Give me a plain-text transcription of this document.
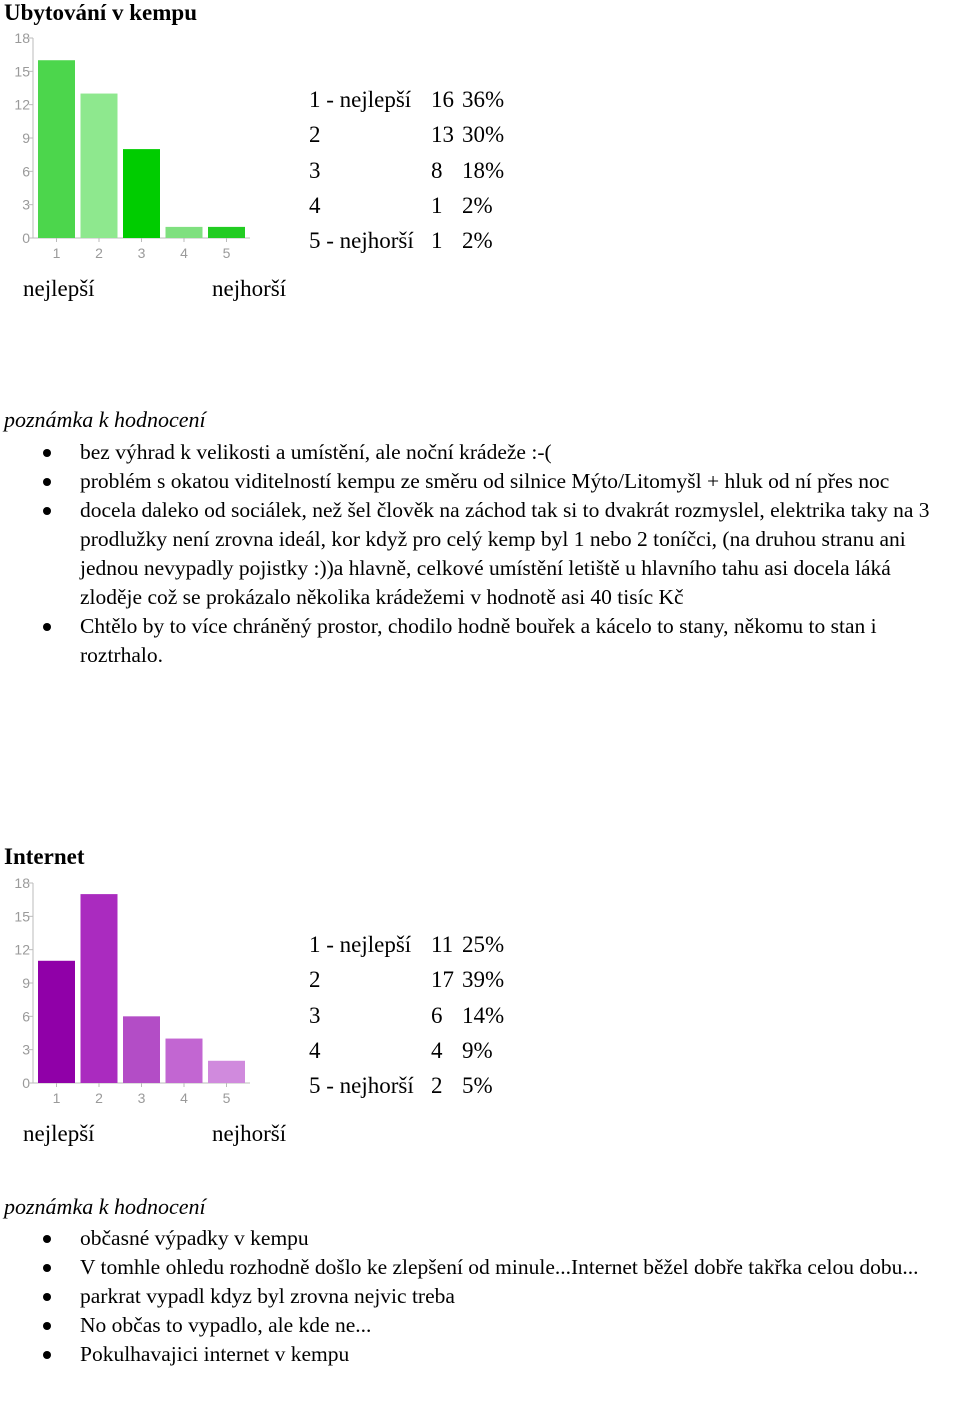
Ubytování v kempu
0
3
6
9
12
15
18
1 2 3 4 5
1 - nejlepší 16 36%
2	13 30%
3	8 18%
4	1 2%
5 - nejhorší 1 2%
nejlepší	nejhorší
poznámka k hodnocení
bez výhrad k velikosti a umístění, ale noční krádeže :-(
problém s okatou viditelností kempu ze směru od silnice Mýto/Litomyšl + hluk od ní přes noc
docela daleko od sociálek, než šel člověk na záchod tak si to dvakrát rozmyslel, elektrika taky na 3 prodlužky není zrovna ideál, kor když pro celý kemp byl 1 nebo 2 toníčci, (na druhou stranu ani jednou nevypadly pojistky :))a hlavně, celkové umístění letiště u hlavního tahu asi docela láká zloděje což se prokázalo několika krádežemi v hodnotě asi 40 tisíc Kč
Chtělo by to více chráněný prostor, chodilo hodně bouřek a kácelo to stany, někomu to stan i roztrhalo.
Internet
0
3
6
9
12
15
18
1 2 3 4 5
1 - nejlepší 11 25%
2	17 39%
3	6 14%
4	4 9%
5 - nejhorší 2 5%
nejlepší	nejhorší
poznámka k hodnocení
občasné výpadky v kempu
V tomhle ohledu rozhodně došlo ke zlepšení od minule...Internet běžel dobře takřka celou dobu...
parkrat vypadl kdyz byl zrovna nejvic treba
No občas to vypadlo, ale kde ne...
Pokulhavajici internet v kempu
